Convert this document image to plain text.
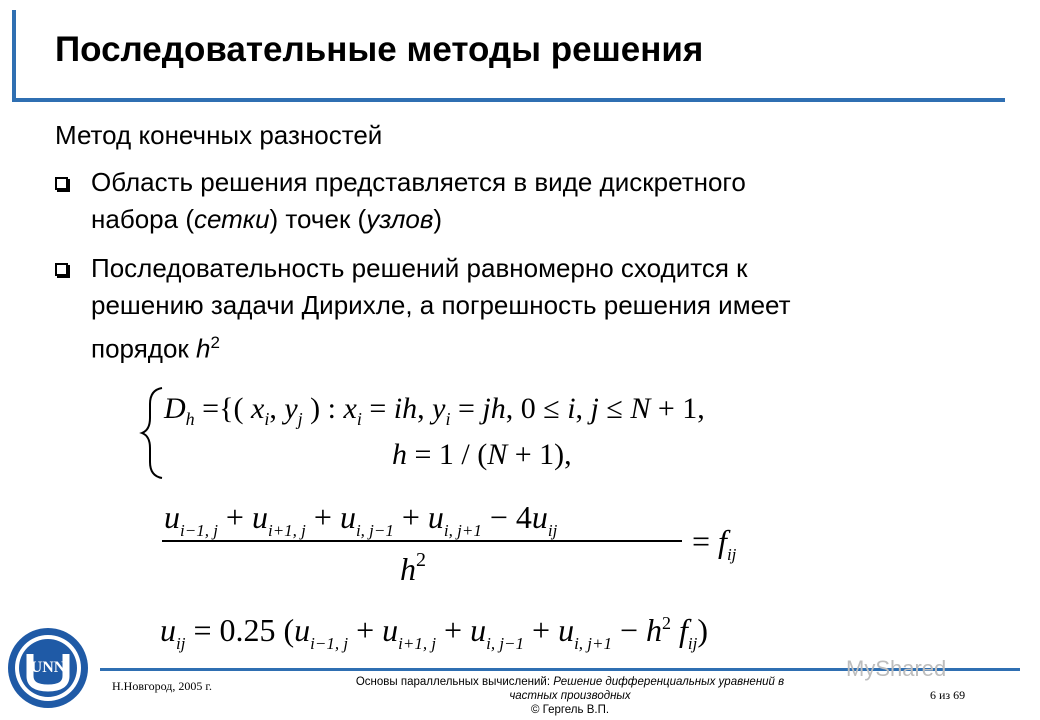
Последовательные методы решения
Метод конечных разностей
Область решения представляется в виде дискретного
набора (сетки) точек (узлов)
Последовательность решений равномерно сходится к
решению задачи Дирихле, а погрешность решения имеет
порядок $h^2$
$D_h$ ={( $x_i$, $y_j$ ) : $x_i$ = ih, $y_i$ = jh, 0 ≤ i, j ≤ N + 1,
h = 1 / (N + 1),
$u_{i-1, j} + u_{i+1, j} + u_{i, j-1} + u_{i, j+1} - 4u_{ij}$
$h^2$
= $f_{ij}$
$u_{ij} = 0.25$ ($u_{i-1, j} + u_{i+1, j} + u_{i, j-1} + u_{i, j+1} - h^2$ $f_{ij}$)
UNN
Н.Новгород, 2005 г.	Основы параллельных вычислений: Решение дифференциальных уравнений в
частных производных
© Гергель В.П.
6 из 69
MyShared
